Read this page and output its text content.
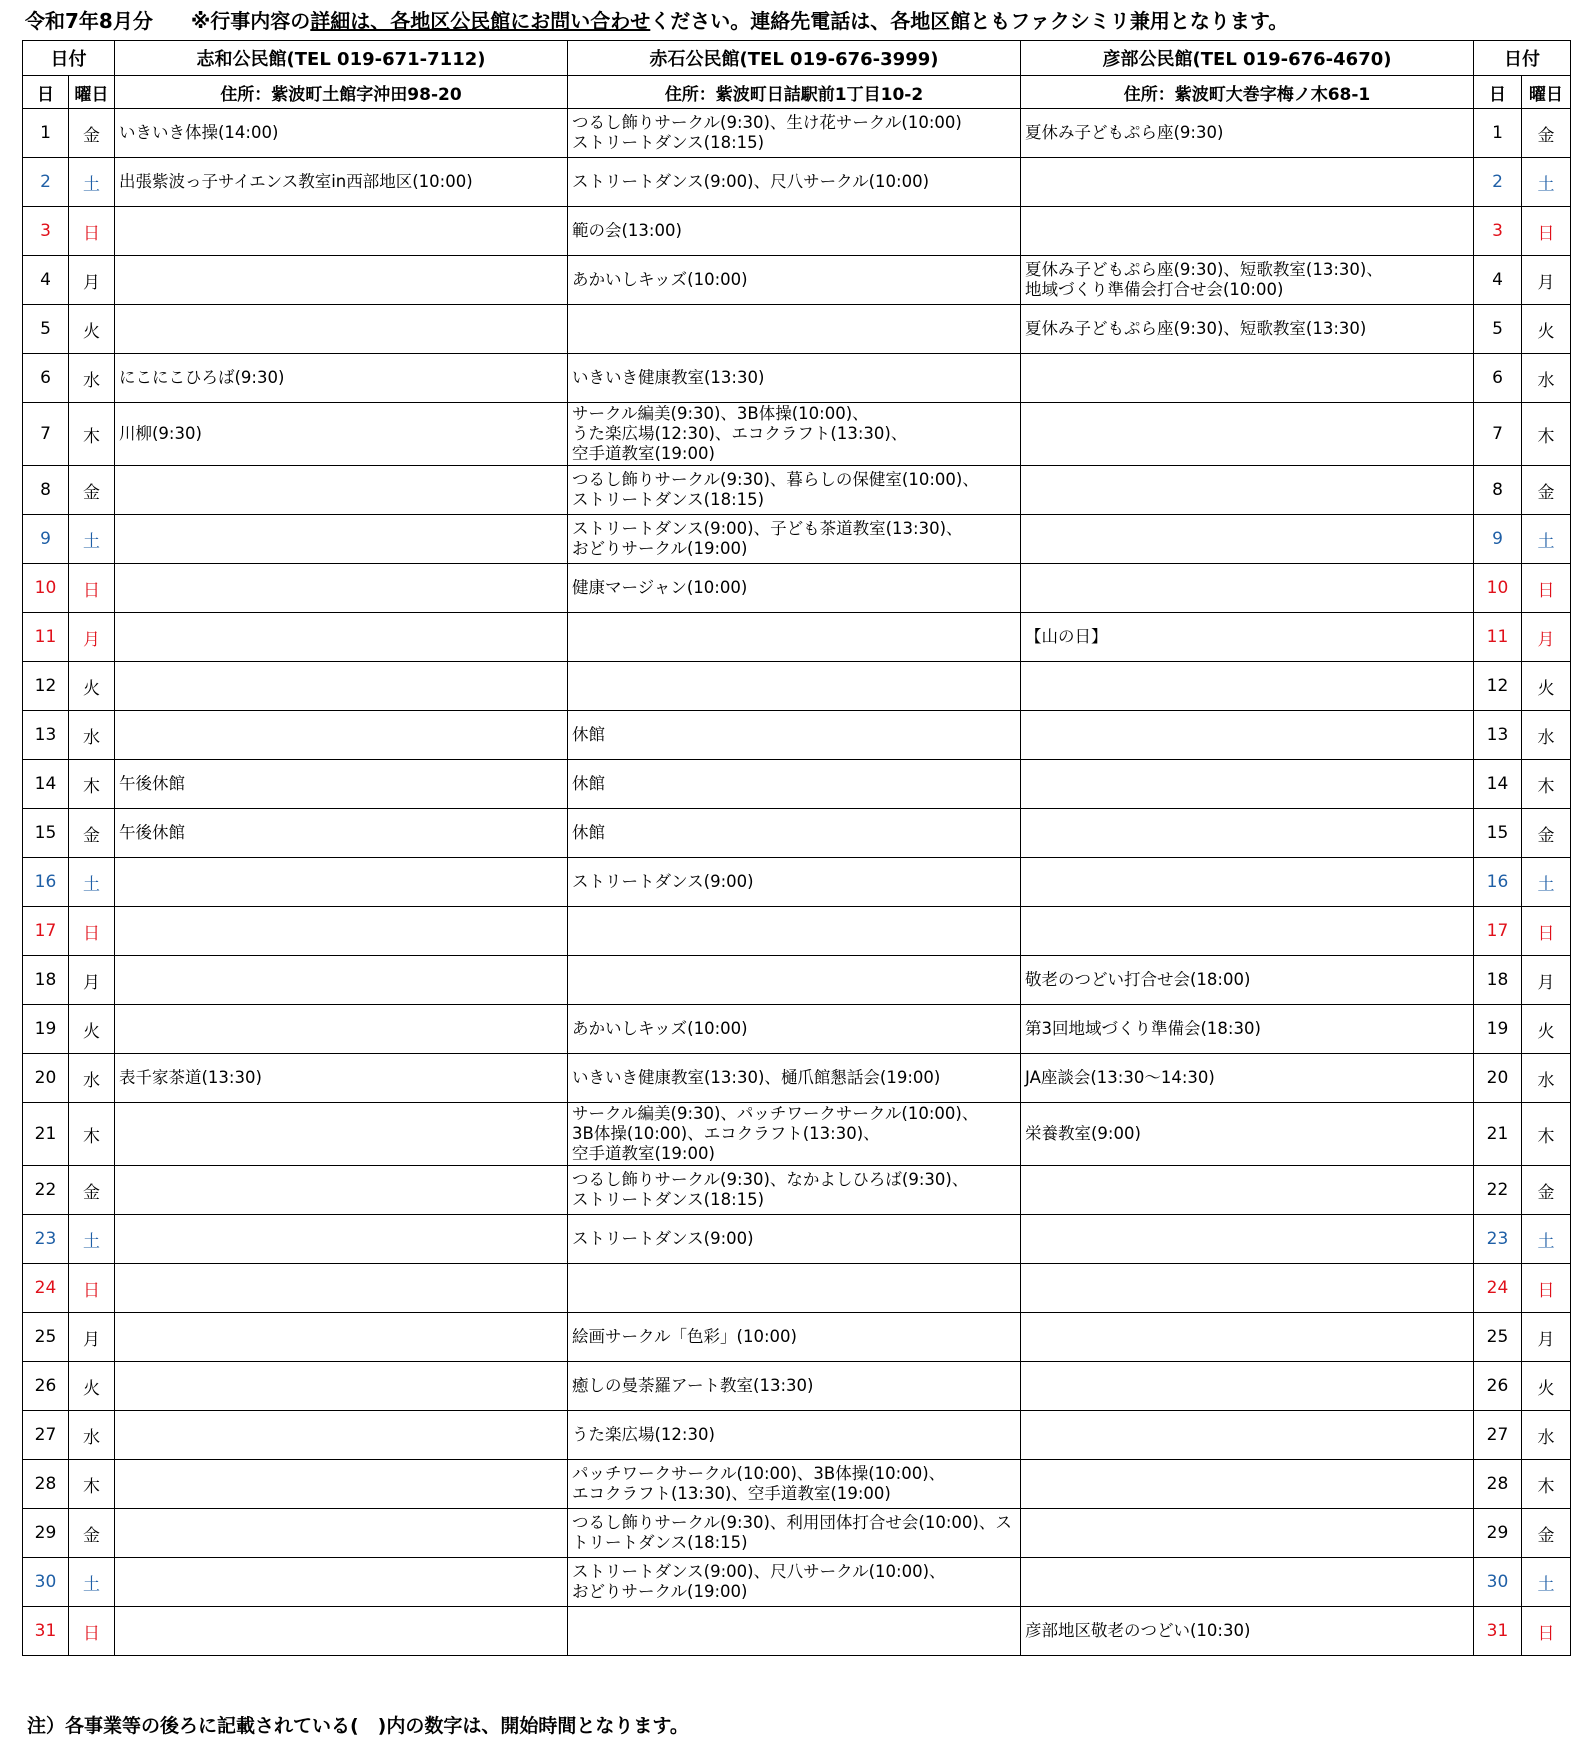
令和7年8月分 ※行事内容の詳細は、各地区公民館にお問い合わせください。連絡先電話は、各地区館ともファクシミリ兼用となります。
日付		志和公民館(TEL 019-671-7112)	赤石公民館(TEL 019-676-3999)	彦部公民館(TEL 019-676-4670)	日付	
日	曜日	住所：紫波町土館字沖田98-20	住所：紫波町日詰駅前1丁目10-2	住所：紫波町大巻字梅ノ木68-1	日	曜日
1	金	いきいき体操(14:00)	つるし飾りサークル(9:30)、生け花サークル(10:00)
ストリートダンス(18:15)	夏休み子どもぷら座(9:30)	1	金
2	土	出張紫波っ子サイエンス教室in西部地区(10:00)	ストリートダンス(9:00)、尺八サークル(10:00)		2	土
3	日		範の会(13:00)		3	日
4	月		あかいしキッズ(10:00)	夏休み子どもぷら座(9:30)、短歌教室(13:30)、
地域づくり準備会打合せ会(10:00)	4	月
5	火			夏休み子どもぷら座(9:30)、短歌教室(13:30)	5	火
6	水	にこにこひろば(9:30)	いきいき健康教室(13:30)		6	水
7	木	川柳(9:30)	サークル編美(9:30)、3B体操(10:00)、
うた楽広場(12:30)、エコクラフト(13:30)、
空手道教室(19:00)		7	木
8	金		つるし飾りサークル(9:30)、暮らしの保健室(10:00)、
ストリートダンス(18:15)		8	金
9	土		ストリートダンス(9:00)、子ども茶道教室(13:30)、
おどりサークル(19:00)		9	土
10	日		健康マージャン(10:00)		10	日
11	月			【山の日】	11	月
12	火				12	火
13	水		休館		13	水
14	木	午後休館	休館		14	木
15	金	午後休館	休館		15	金
16	土		ストリートダンス(9:00)		16	土
17	日				17	日
18	月			敬老のつどい打合せ会(18:00)	18	月
19	火		あかいしキッズ(10:00)	第3回地域づくり準備会(18:30)	19	火
20	水	表千家茶道(13:30)	いきいき健康教室(13:30)、樋爪館懇話会(19:00)	JA座談会(13:30～14:30)	20	水
21	木		サークル編美(9:30)、パッチワークサークル(10:00)、
3B体操(10:00)、エコクラフト(13:30)、
空手道教室(19:00)	栄養教室(9:00)	21	木
22	金		つるし飾りサークル(9:30)、なかよしひろば(9:30)、
ストリートダンス(18:15)		22	金
23	土		ストリートダンス(9:00)		23	土
24	日				24	日
25	月		絵画サークル「色彩」(10:00)		25	月
26	火		癒しの曼荼羅アート教室(13:30)		26	火
27	水		うた楽広場(12:30)		27	水
28	木		パッチワークサークル(10:00)、3B体操(10:00)、
エコクラフト(13:30)、空手道教室(19:00)		28	木
29	金		つるし飾りサークル(9:30)、利用団体打合せ会(10:00)、ス
トリートダンス(18:15)		29	金
30	土		ストリートダンス(9:00)、尺八サークル(10:00)、
おどりサークル(19:00)		30	土
31	日			彦部地区敬老のつどい(10:30)	31	日
注）各事業等の後ろに記載されている(　)内の数字は、開始時間となります。
